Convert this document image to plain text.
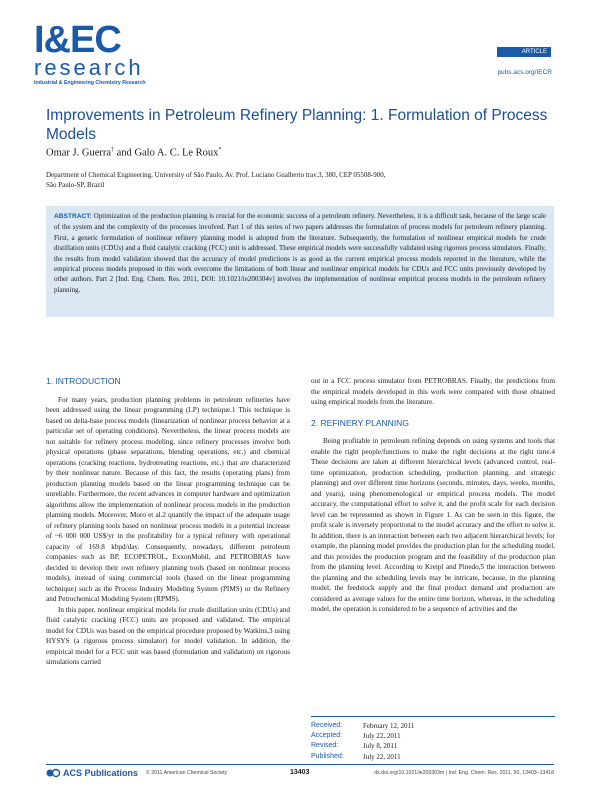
I&EC
research
Industrial & Engineering Chemistry Research
ARTICLE
pubs.acs.org/IECR
Improvements in Petroleum Refinery Planning: 1. Formulation of Process Models
Omar J. Guerra† and Galo A. C. Le Roux*
Department of Chemical Engineering, University of São Paulo, Av. Prof. Luciano Gualberto trav.3, 380, CEP 05508-900,
São Paulo-SP, Brazil
ABSTRACT: Optimization of the production planning is crucial for the economic success of a petroleum refinery. Nevertheless, it is a difficult task, because of the large scale of the system and the complexity of the processes involved. Part 1 of this series of two papers addresses the formulation of process models for petroleum refinery planning. First, a generic formulation of nonlinear refinery planning model is adopted from the literature. Subsequently, the formulation of nonlinear empirical models for crude distillation units (CDUs) and a fluid catalytic cracking (FCC) unit is addressed. These empirical models were successfully validated using rigorous process simulators. Finally, the results from model validation showed that the accuracy of model predictions is as good as the current empirical process models reported in the literature, while the empirical process models proposed in this work overcome the limitations of both linear and nonlinear empirical models for CDUs and FCC units previously developed by other authors. Part 2 [Ind. Eng. Chem. Res. 2011, DOI: 10.1021/ie200304v] involves the implementation of nonlinear empirical process models in the petroleum refinery planning.
1. INTRODUCTION

For many years, production planning problems in petroleum refineries have been addressed using the linear programming (LP) technique.1 This technique is based on delta-base process models (linearization of nonlinear process behavior at a particular set of operating conditions). Nevertheless, the linear process models are not suitable for refinery process modeling, since refinery processes involve both physical operations (phase separations, blending operations, etc.) and chemical operations (cracking reactions, hydrotreating reactions, etc.) that are characterized by their nonlinear nature. Because of this fact, the results (operating plans) from production planning models based on the linear programming technique can be unreliable. Furthermore, the recent advances in computer hardware and optimization algorithms allow the implementation of nonlinear process models in the production planning models. Moreover, Moro et al.2 quantify the impact of the adequate usage of refinery planning tools based on nonlinear process models in a potential increase of ~6 000 000 US$/yr in the profitability for a typical refinery with operational capacity of 169.8 kbpd/day. Consequently, nowadays, different petroleum companies such as BP, ECOPETROL, ExxonMobil, and PETROBRAS have decided to develop their own refinery planning tools (based on nonlinear process models), instead of using commercial tools (based on the linear programming technique) such as the Process Industry Modeling System (PIMS) or the Refinery and Petrochemical Modeling System (RPMS).

In this paper, nonlinear empirical models for crude distillation units (CDUs) and fluid catalytic cracking (FCC) units are proposed and validated. The empirical model for CDUs was based on the empirical procedure proposed by Watkins,3 using HYSYS (a rigorous process simulator) for model validation. In addition, the empirical model for a FCC unit was based (formulation and validation) on rigorous simulations carried

out in a FCC process simulator from PETROBRAS. Finally, the predictions from the empirical models developed in this work were compared with those obtained using empirical models from the literature.

2. REFINERY PLANNING

Being profitable in petroleum refining depends on using systems and tools that enable the right people/functions to make the right decisions at the right time.4 These decisions are taken at different hierarchical levels (advanced control, real-time optimization, production scheduling, production planning, and strategic planning) and over different time horizons (seconds, minutes, days, weeks, months, and years), using phenomenological or empirical process models. The model accuracy, the computational effort to solve it, and the profit scale for each decision level can be represented as shown in Figure 1. As can be seen in this figure, the profit scale is inversely proportional to the model accuracy and the effort to solve it. In addition, there is an interaction between each two adjacent hierarchical levels; for example, the planning model provides the production plan for the scheduling model, and this provides the production program and the feasibility of the production plan from the planning level. According to Kreipl and Pinedo,5 the interaction between the planning and the scheduling levels may be intricate, because, in the planning model, the feedstock supply and the final product demand and production are considered as average values for the entire time horizon, whereas, in the scheduling model, the operation is considered to be a sequence of activities and the

Received:	February 12, 2011
Accepted:	July 22, 2011
Revised:	July 8, 2011
Published:	July 22, 2011
ACS Publications © 2011 American Chemical Society	13403	dx.doi.org/10.1021/ie200303m | Ind. Eng. Chem. Res. 2011, 50, 13403–13418
